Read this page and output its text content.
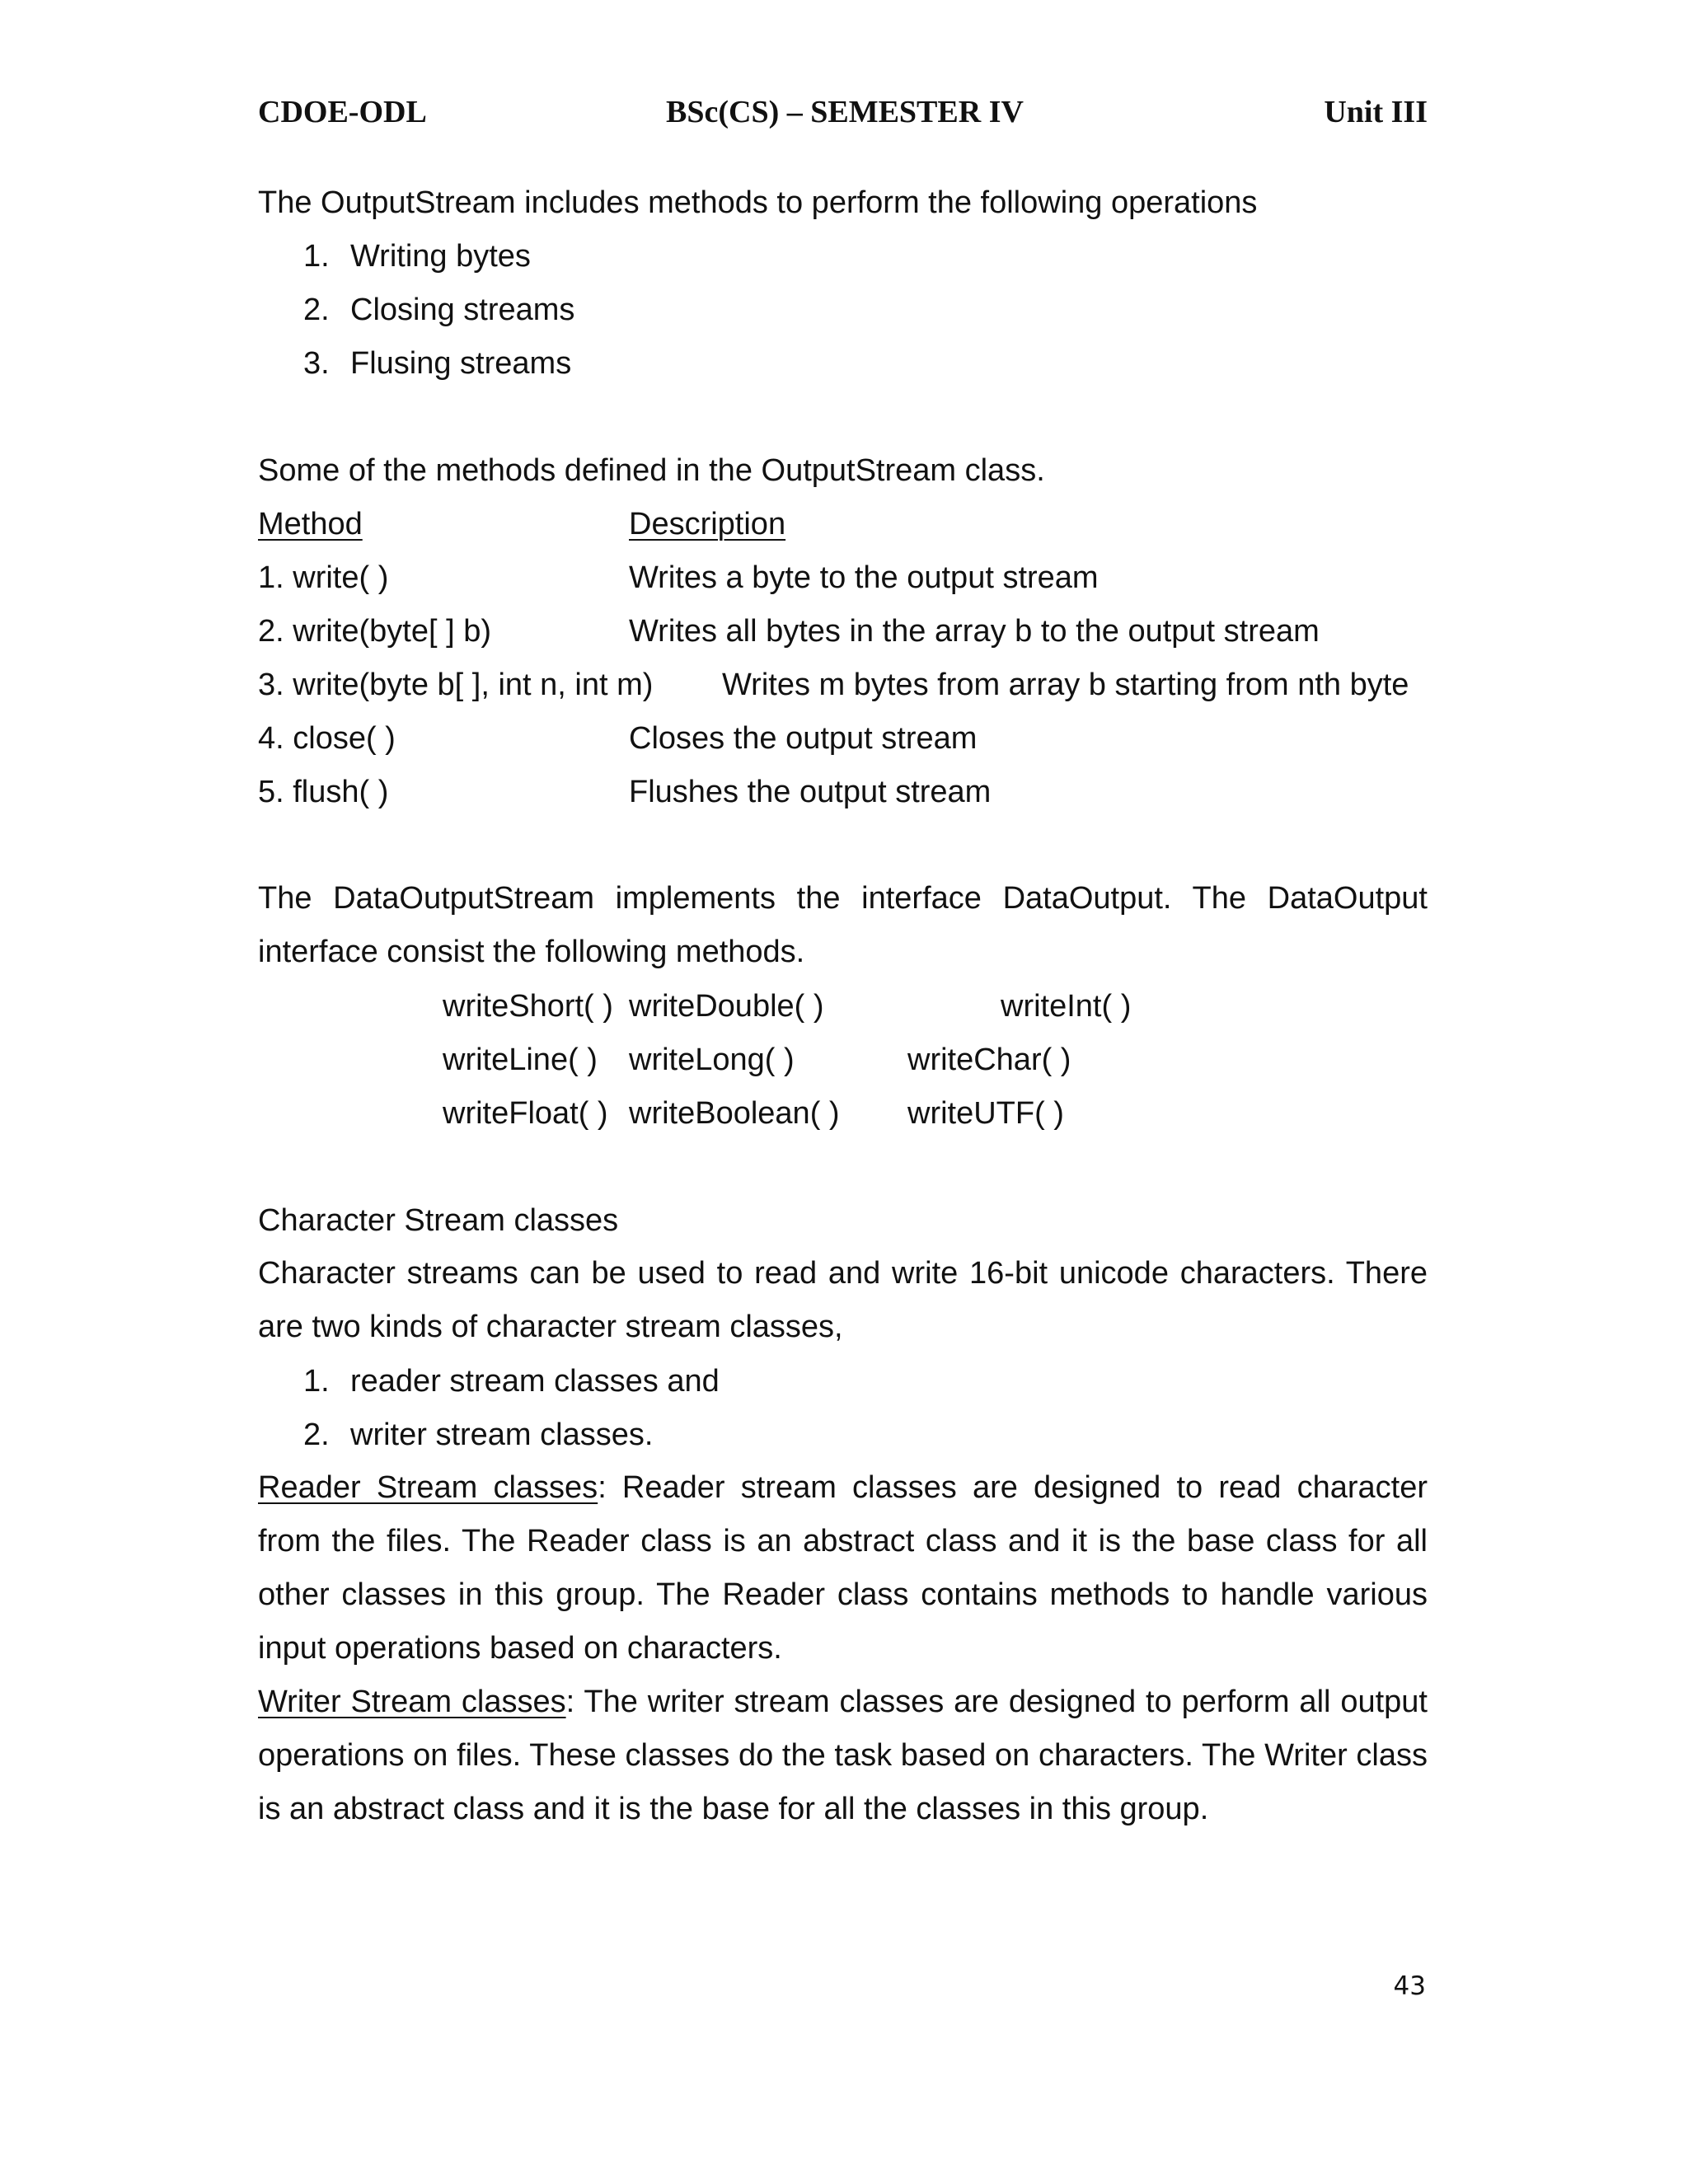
CDOE-ODL	BSc(CS) – SEMESTER IV	Unit III
The OutputStream includes methods to perform the following operations
1. Writing bytes
2. Closing streams
3. Flusing streams
Some of the methods defined in the OutputStream class.
Method	Description
1. write( )	Writes a byte to the output stream
2. write(byte[ ] b)	Writes all bytes in the array b to the output stream
3. write(byte b[ ], int n, int m) Writes m bytes from array b starting from nth byte
4. close( )	Closes the output stream
5. flush( )	Flushes the output stream
The DataOutputStream implements the interface DataOutput. The DataOutput interface consist the following methods.
writeShort( ) writeDouble( )	writeInt( )
writeLine( ) writeLong( )	writeChar( )
writeFloat( ) writeBoolean( ) writeUTF( )
Character Stream classes
Character streams can be used to read and write 16-bit unicode characters. There are two kinds of character stream classes,
1. reader stream classes and
2. writer stream classes.
Reader Stream classes: Reader stream classes are designed to read character from the files. The Reader class is an abstract class and it is the base class for all other classes in this group. The Reader class contains methods to handle various input operations based on characters.
Writer Stream classes: The writer stream classes are designed to perform all output operations on files. These classes do the task based on characters. The Writer class is an abstract class and it is the base for all the classes in this group.
43
